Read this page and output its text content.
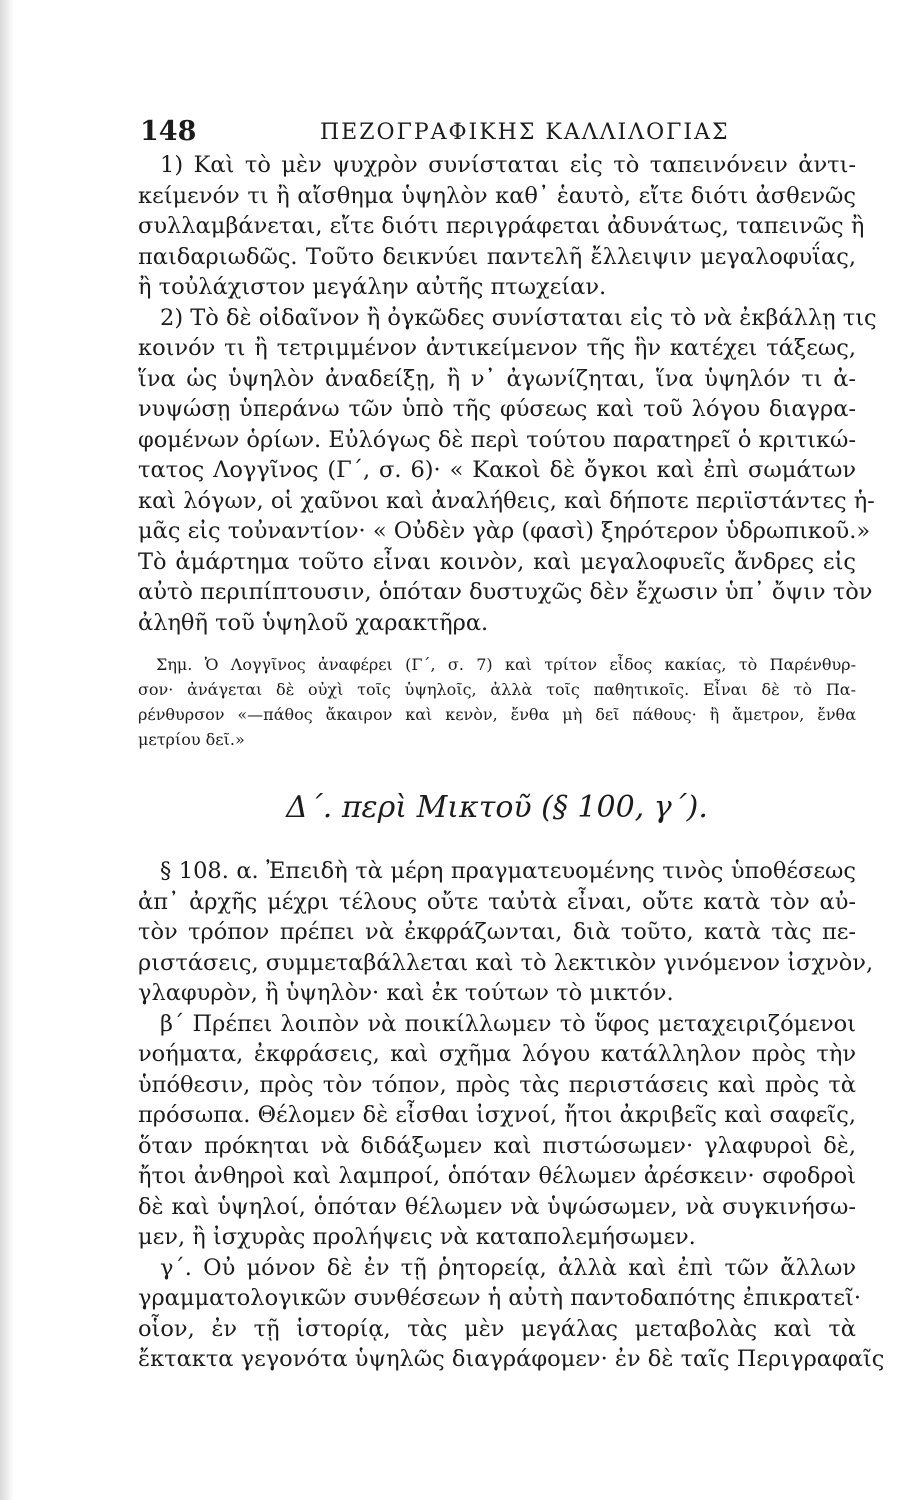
148	ΠΕΖΟΓΡΑΦΙΚΗΣ ΚΑΛΛΙΛΟΓΙΑΣ
1) Καὶ τὸ μὲν ψυχρὸν συνίσταται εἰς τὸ ταπεινόνειν ἀντι-
κείμενόν τι ἢ αἴσθημα ὑψηλὸν καθ᾽ ἑαυτὸ, εἴτε διότι ἀσθενῶς
συλλαμβάνεται, εἴτε διότι περιγράφεται ἀδυνάτως, ταπεινῶς ἢ
παιδαριωδῶς. Τοῦτο δεικνύει παντελῆ ἔλλειψιν μεγαλοφυΐας,
ἢ τοὐλάχιστον μεγάλην αὐτῆς πτωχείαν.
2) Τὸ δὲ οἰδαῖνον ἢ ὀγκῶδες συνίσταται εἰς τὸ νὰ ἐκβάλλῃ τις
κοινόν τι ἢ τετριμμένον ἀντικείμενον τῆς ἣν κατέχει τάξεως,
ἵνα ὡς ὑψηλὸν ἀναδείξῃ, ἢ ν᾽ ἀγωνίζηται, ἵνα ὑψηλόν τι ἀ-
νυψώσῃ ὑπεράνω τῶν ὑπὸ τῆς φύσεως καὶ τοῦ λόγου διαγρα-
φομένων ὁρίων. Εὐλόγως δὲ περὶ τούτου παρατηρεῖ ὁ κριτικώ-
τατος Λογγῖνος (Γ΄, σ. 6)· « Κακοὶ δὲ ὄγκοι καὶ ἐπὶ σωμάτων
καὶ λόγων, οἱ χαῦνοι καὶ ἀναλήθεις, καὶ δήποτε περιϊστάντες ἡ-
μᾶς εἰς τοὐναντίον· « Οὐδὲν γὰρ (φασὶ) ξηρότερον ὑδρωπικοῦ.»
Τὸ ἁμάρτημα τοῦτο εἶναι κοινὸν, καὶ μεγαλοφυεῖς ἄνδρες εἰς
αὐτὸ περιπίπτουσιν, ὁπόταν δυστυχῶς δὲν ἔχωσιν ὑπ᾽ ὄψιν τὸν
ἀληθῆ τοῦ ὑψηλοῦ χαρακτῆρα.
Σημ. Ὁ Λογγῖνος ἀναφέρει (Γ΄, σ. 7) καὶ τρίτον εἶδος κακίας, τὸ Παρένθυρ-
σον· ἀνάγεται δὲ οὐχὶ τοῖς ὑψηλοῖς, ἀλλὰ τοῖς παθητικοῖς. Εἶναι δὲ τὸ Πα-
ρένθυρσον «—πάθος ἄκαιρον καὶ κενὸν, ἔνθα μὴ δεῖ πάθους· ἢ ἄμετρον, ἔνθα
μετρίου δεῖ.»
Δ΄. περὶ Μικτοῦ (§ 100, γ΄).
§ 108. α. Ἐπειδὴ τὰ μέρη πραγματευομένης τινὸς ὑποθέσεως
ἀπ᾽ ἀρχῆς μέχρι τέλους οὔτε ταὐτὰ εἶναι, οὔτε κατὰ τὸν αὐ-
τὸν τρόπον πρέπει νὰ ἐκφράζωνται, διὰ τοῦτο, κατὰ τὰς πε-
ριστάσεις, συμμεταβάλλεται καὶ τὸ λεκτικὸν γινόμενον ἰσχνὸν,
γλαφυρὸν, ἢ ὑψηλὸν· καὶ ἐκ τούτων τὸ μικτόν.
β΄ Πρέπει λοιπὸν νὰ ποικίλλωμεν τὸ ὕφος μεταχειριζόμενοι
νοήματα, ἐκφράσεις, καὶ σχῆμα λόγου κατάλληλον πρὸς τὴν
ὑπόθεσιν, πρὸς τὸν τόπον, πρὸς τὰς περιστάσεις καὶ πρὸς τὰ
πρόσωπα. Θέλομεν δὲ εἶσθαι ἰσχνοί, ἤτοι ἀκριβεῖς καὶ σαφεῖς,
ὅταν πρόκηται νὰ διδάξωμεν καὶ πιστώσωμεν· γλαφυροὶ δὲ,
ἤτοι ἀνθηροὶ καὶ λαμπροί, ὁπόταν θέλωμεν ἀρέσκειν· σφοδροὶ
δὲ καὶ ὑψηλοί, ὁπόταν θέλωμεν νὰ ὑψώσωμεν, νὰ συγκινήσω-
μεν, ἢ ἰσχυρὰς προλήψεις νὰ καταπολεμήσωμεν.
γ΄. Οὐ μόνον δὲ ἐν τῇ ῥητορείᾳ, ἀλλὰ καὶ ἐπὶ τῶν ἄλλων
γραμματολογικῶν συνθέσεων ἡ αὐτὴ παντοδαπότης ἐπικρατεῖ·
οἷον, ἐν τῇ ἱστορίᾳ, τὰς μὲν μεγάλας μεταβολὰς καὶ τὰ
ἔκτακτα γεγονότα ὑψηλῶς διαγράφομεν· ἐν δὲ ταῖς Περιγραφαῖς
